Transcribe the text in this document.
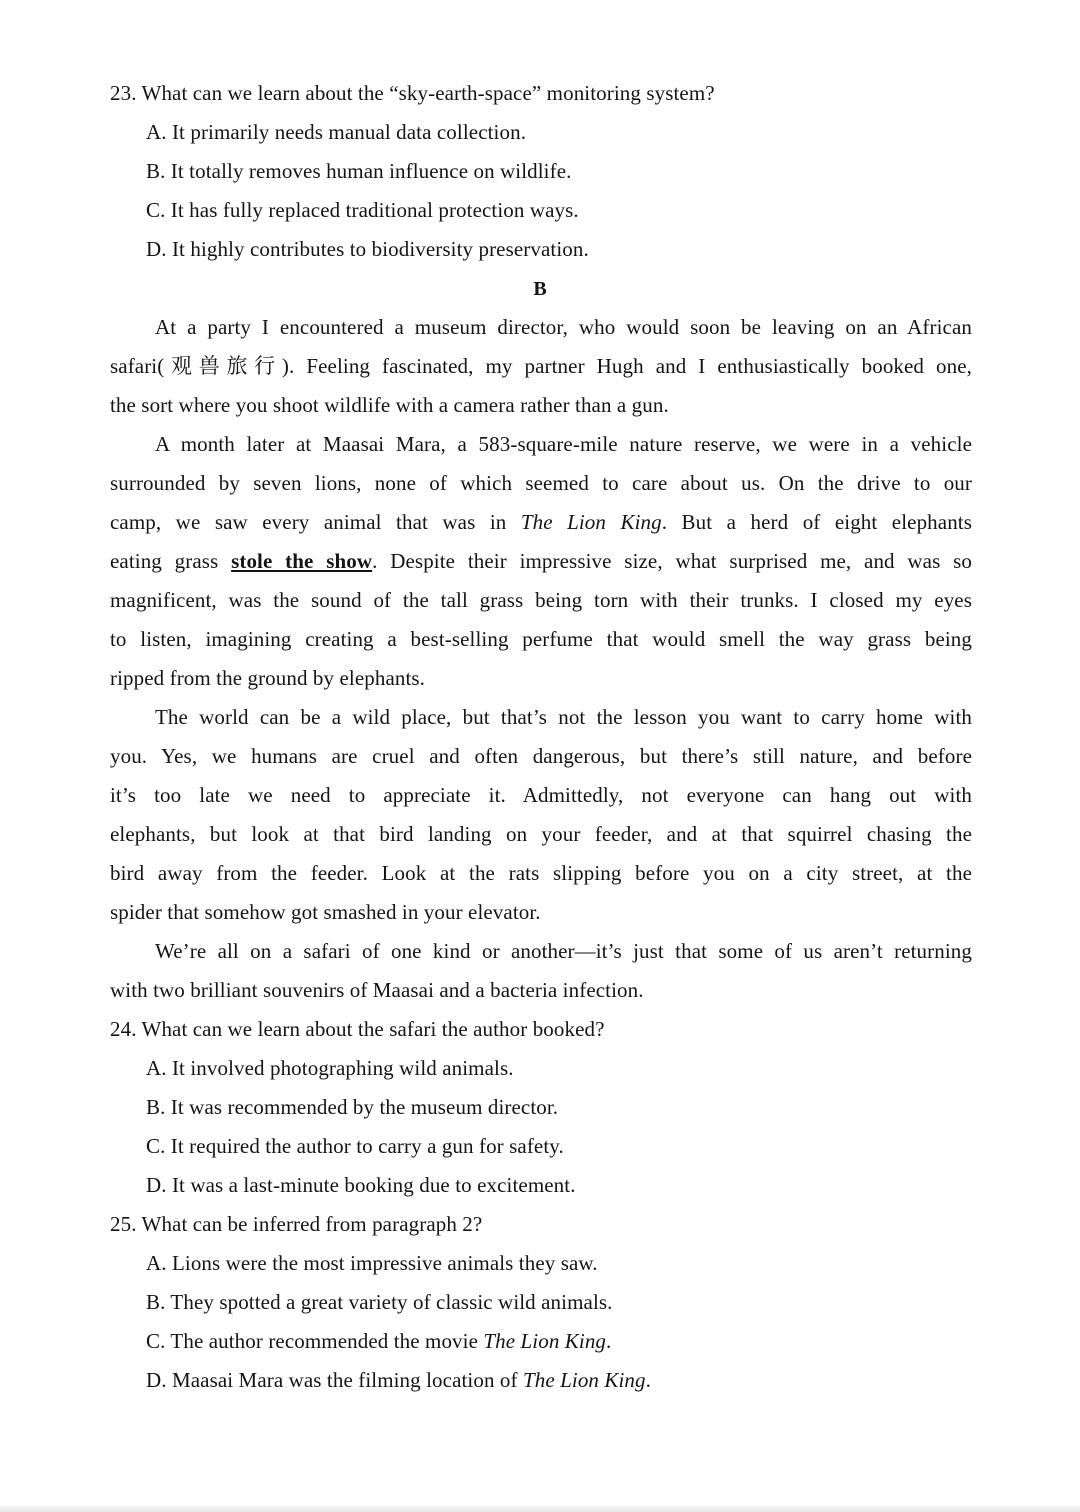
23. What can we learn about the “sky-earth-space” monitoring system?
A. It primarily needs manual data collection.
B. It totally removes human influence on wildlife.
C. It has fully replaced traditional protection ways.
D. It highly contributes to biodiversity preservation.
B
At a party I encountered a museum director, who would soon be leaving on an African
safari(观兽旅行). Feeling fascinated, my partner Hugh and I enthusiastically booked one,
the sort where you shoot wildlife with a camera rather than a gun.
A month later at Maasai Mara, a 583-square-mile nature reserve, we were in a vehicle
surrounded by seven lions, none of which seemed to care about us. On the drive to our
camp, we saw every animal that was in The Lion King. But a herd of eight elephants
eating grass stole the show. Despite their impressive size, what surprised me, and was so
magnificent, was the sound of the tall grass being torn with their trunks. I closed my eyes
to listen, imagining creating a best-selling perfume that would smell the way grass being
ripped from the ground by elephants.
The world can be a wild place, but that’s not the lesson you want to carry home with
you. Yes, we humans are cruel and often dangerous, but there’s still nature, and before
it’s too late we need to appreciate it. Admittedly, not everyone can hang out with
elephants, but look at that bird landing on your feeder, and at that squirrel chasing the
bird away from the feeder. Look at the rats slipping before you on a city street, at the
spider that somehow got smashed in your elevator.
We’re all on a safari of one kind or another—it’s just that some of us aren’t returning
with two brilliant souvenirs of Maasai and a bacteria infection.
24. What can we learn about the safari the author booked?
A. It involved photographing wild animals.
B. It was recommended by the museum director.
C. It required the author to carry a gun for safety.
D. It was a last-minute booking due to excitement.
25. What can be inferred from paragraph 2?
A. Lions were the most impressive animals they saw.
B. They spotted a great variety of classic wild animals.
C. The author recommended the movie The Lion King.
D. Maasai Mara was the filming location of The Lion King.
